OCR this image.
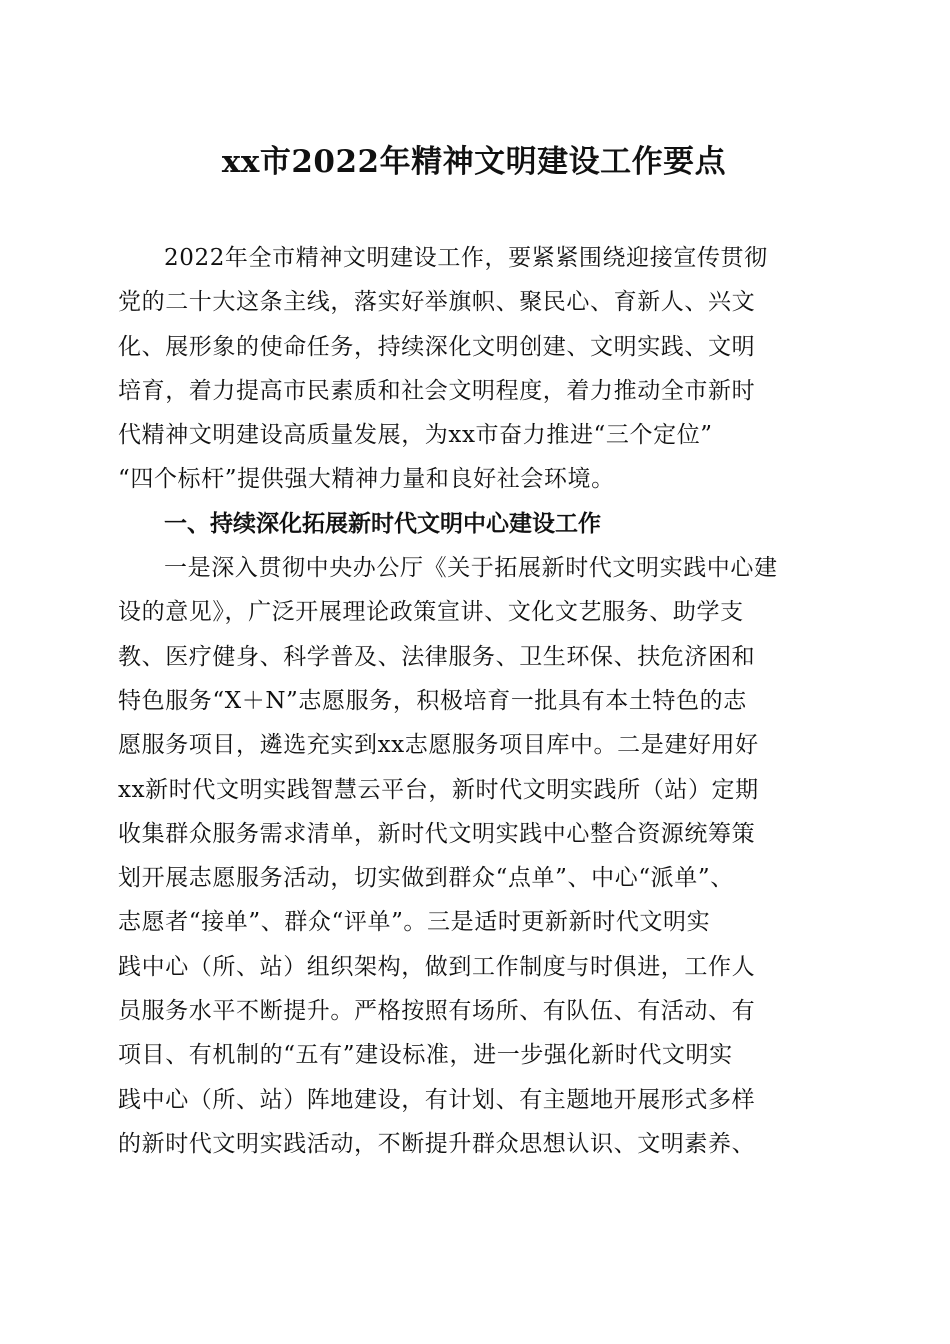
xx市2022年精神文明建设工作要点

2022年全市精神文明建设工作，要紧紧围绕迎接宣传贯彻
党的二十大这条主线，落实好举旗帜、聚民心、育新人、兴文
化、展形象的使命任务，持续深化文明创建、文明实践、文明
培育，着力提高市民素质和社会文明程度，着力推动全市新时
代精神文明建设高质量发展，为xx市奋力推进“三个定位”
“四个标杆”提供强大精神力量和良好社会环境。

一、持续深化拓展新时代文明中心建设工作

一是深入贯彻中央办公厅《关于拓展新时代文明实践中心建
设的意见》，广泛开展理论政策宣讲、文化文艺服务、助学支
教、医疗健身、科学普及、法律服务、卫生环保、扶危济困和
特色服务“X＋N”志愿服务，积极培育一批具有本土特色的志
愿服务项目，遴选充实到xx志愿服务项目库中。二是建好用好
xx新时代文明实践智慧云平台，新时代文明实践所（站）定期
收集群众服务需求清单，新时代文明实践中心整合资源统筹策
划开展志愿服务活动，切实做到群众“点单”、中心“派单”、
志愿者“接单”、群众“评单”。三是适时更新新时代文明实
践中心（所、站）组织架构，做到工作制度与时俱进，工作人
员服务水平不断提升。严格按照有场所、有队伍、有活动、有
项目、有机制的“五有”建设标准，进一步强化新时代文明实
践中心（所、站）阵地建设，有计划、有主题地开展形式多样
的新时代文明实践活动，不断提升群众思想认识、文明素养、
